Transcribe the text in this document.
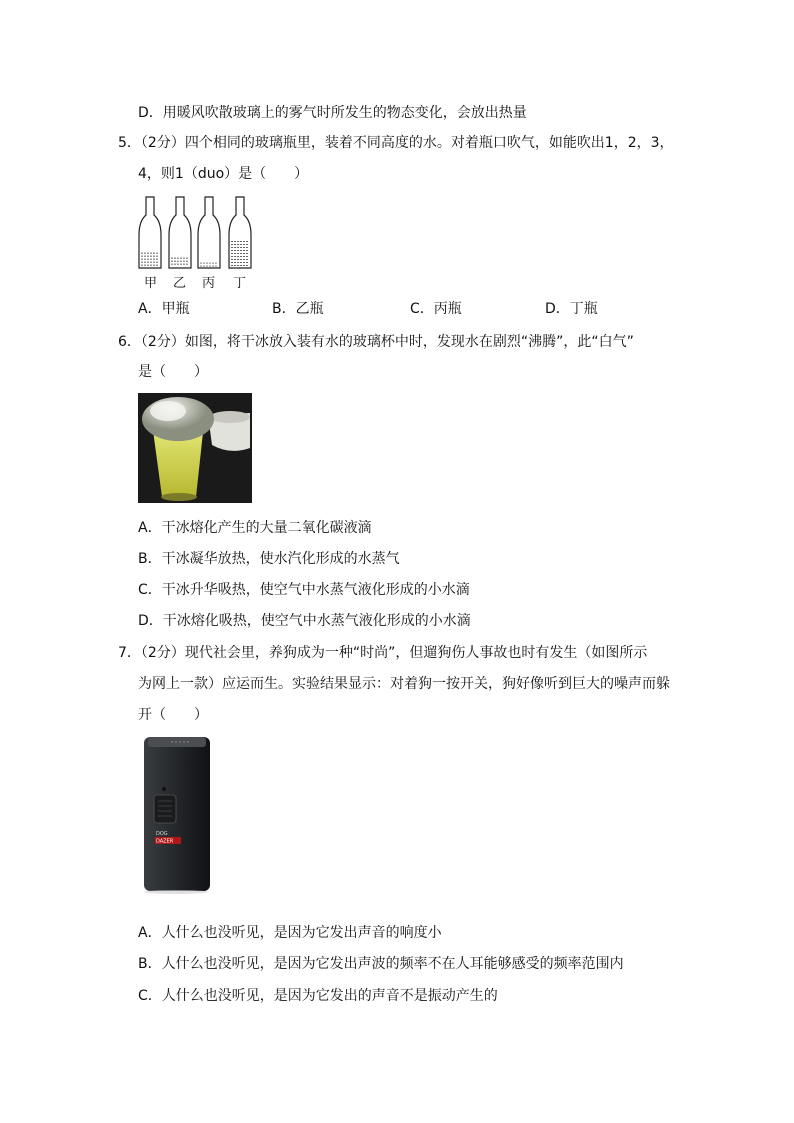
D．用暖风吹散玻璃上的雾气时所发生的物态变化，会放出热量
5．（2分）四个相同的玻璃瓶里，装着不同高度的水。对着瓶口吹气，如能吹出1，2，3，
4，则1（duo）是（　　）
甲 乙 丙 丁
A．甲瓶	B．乙瓶	C．丙瓶	D．丁瓶
6．（2分）如图，将干冰放入装有水的玻璃杯中时，发现水在剧烈“沸腾”，此“白气”
是（　　）
A．干冰熔化产生的大量二氧化碳液滴
B．干冰凝华放热，使水汽化形成的水蒸气
C．干冰升华吸热，使空气中水蒸气液化形成的小水滴
D．干冰熔化吸热，使空气中水蒸气液化形成的小水滴
7．（2分）现代社会里，养狗成为一种“时尚”，但遛狗伤人事故也时有发生（如图所示
为网上一款）应运而生。实验结果显示：对着狗一按开关，狗好像听到巨大的噪声而躲
开（　　）
DOG
DAZER
A．人什么也没听见，是因为它发出声音的响度小
B．人什么也没听见，是因为它发出声波的频率不在人耳能够感受的频率范围内
C．人什么也没听见，是因为它发出的声音不是振动产生的
